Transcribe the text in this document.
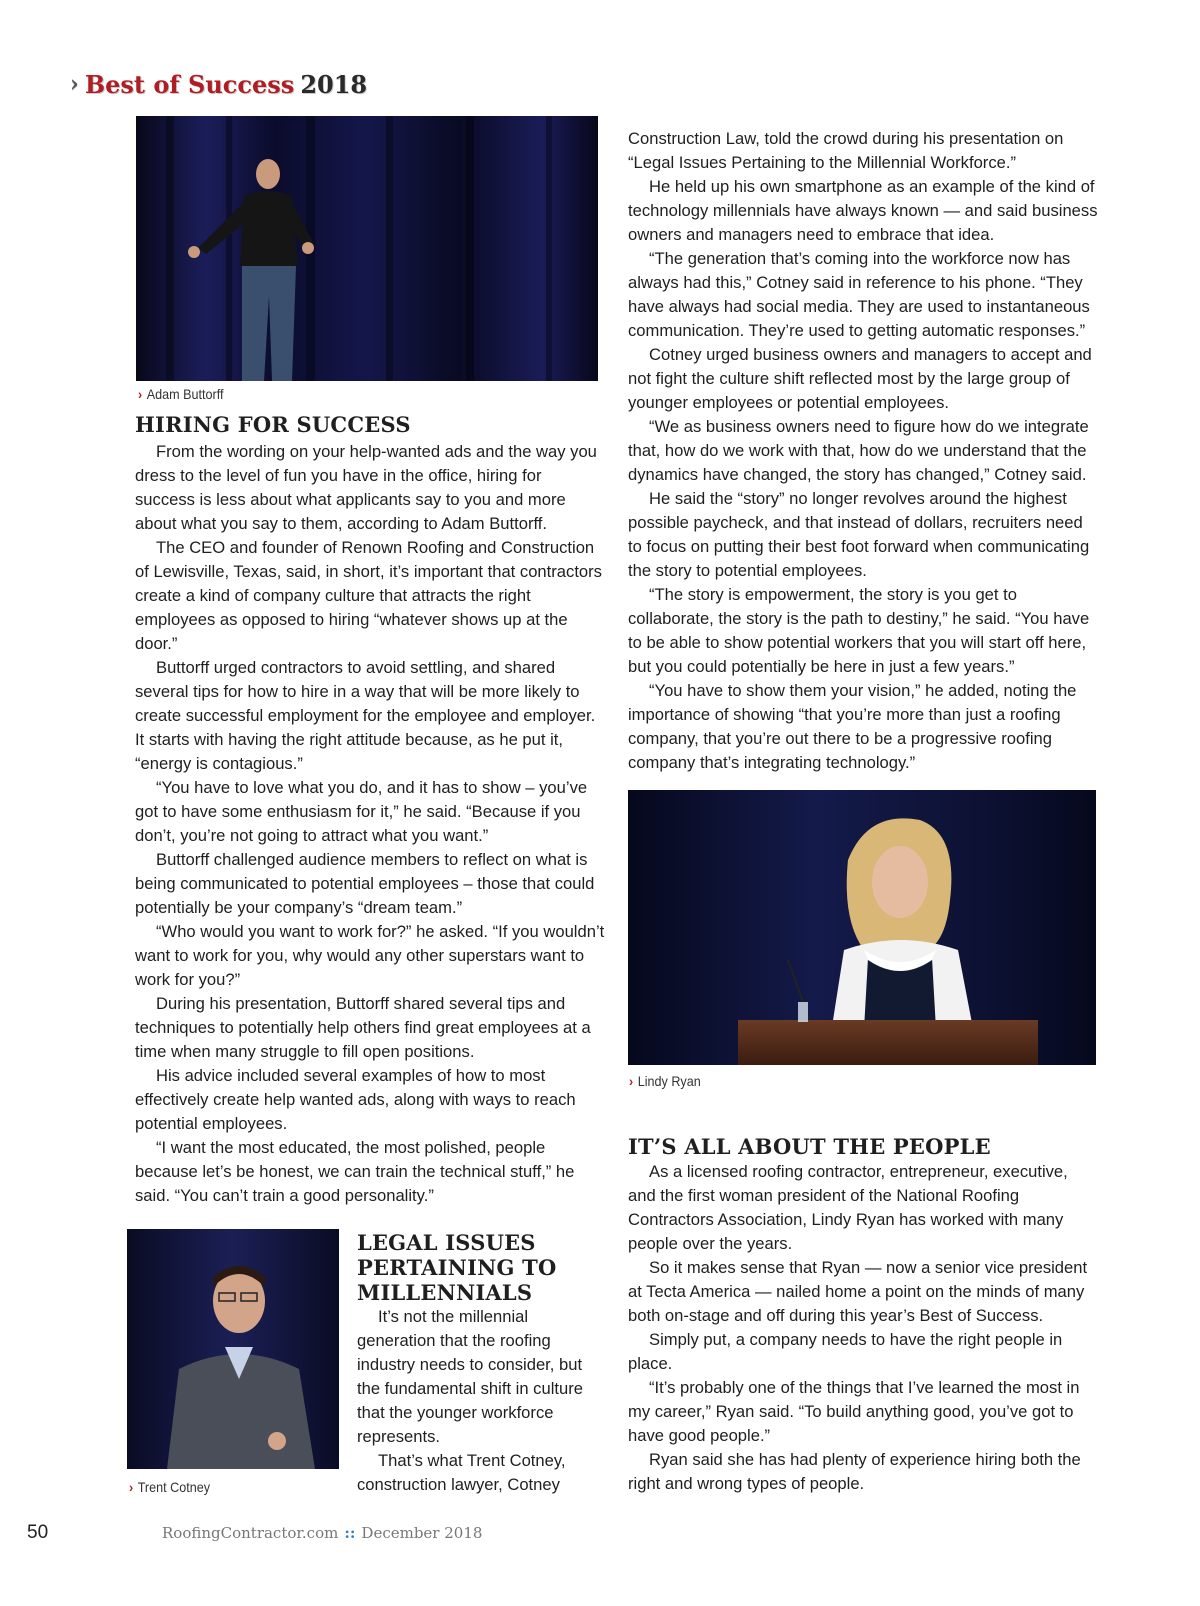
› Best of Success 2018
› Adam Buttorff
HIRING FOR SUCCESS

From the wording on your help-wanted ads and the way you dress to the level of fun you have in the office, hiring for success is less about what applicants say to you and more about what you say to them, according to Adam Buttorff.

The CEO and founder of Renown Roofing and Construction of Lewisville, Texas, said, in short, it’s important that contractors create a kind of company culture that attracts the right employees as opposed to hiring “whatever shows up at the door.”

Buttorff urged contractors to avoid settling, and shared several tips for how to hire in a way that will be more likely to create successful employment for the employee and employer. It starts with having the right attitude because, as he put it, “energy is contagious.”

“You have to love what you do, and it has to show – you’ve got to have some enthusiasm for it,” he said. “Because if you don’t, you’re not going to attract what you want.”

Buttorff challenged audience members to reflect on what is being communicated to potential employees – those that could potentially be your company’s “dream team.”

“Who would you want to work for?” he asked. “If you wouldn’t want to work for you, why would any other superstars want to work for you?”

During his presentation, Buttorff shared several tips and techniques to potentially help others find great employees at a time when many struggle to fill open positions.

His advice included several examples of how to most effectively create help wanted ads, along with ways to reach potential employees.

“I want the most educated, the most polished, people because let’s be honest, we can train the technical stuff,” he said. “You can’t train a good personality.”

› Trent Cotney
LEGAL ISSUES
PERTAINING TO
MILLENNIALS

It’s not the millennial generation that the roofing industry needs to consider, but the fundamental shift in culture that the younger workforce represents.

That’s what Trent Cotney, construction lawyer, Cotney

Construction Law, told the crowd during his presentation on “Legal Issues Pertaining to the Millennial Workforce.”

He held up his own smartphone as an example of the kind of technology millennials have always known — and said business owners and managers need to embrace that idea.

“The generation that’s coming into the workforce now has always had this,” Cotney said in reference to his phone. “They have always had social media. They are used to instantaneous communication. They’re used to getting automatic responses.”

Cotney urged business owners and managers to accept and not fight the culture shift reflected most by the large group of younger employees or potential employees.

“We as business owners need to figure how do we integrate that, how do we work with that, how do we understand that the dynamics have changed, the story has changed,” Cotney said.

He said the “story” no longer revolves around the highest possible paycheck, and that instead of dollars, recruiters need to focus on putting their best foot forward when communicating the story to potential employees.

“The story is empowerment, the story is you get to collaborate, the story is the path to destiny,” he said. “You have to be able to show potential workers that you will start off here, but you could potentially be here in just a few years.”

“You have to show them your vision,” he added, noting the importance of showing “that you’re more than just a roofing company, that you’re out there to be a progressive roofing company that’s integrating technology.”

› Lindy Ryan
IT’S ALL ABOUT THE PEOPLE

As a licensed roofing contractor, entrepreneur, executive, and the first woman president of the National Roofing Contractors Association, Lindy Ryan has worked with many people over the years.

So it makes sense that Ryan — now a senior vice president at Tecta America — nailed home a point on the minds of many both on-stage and off during this year’s Best of Success.

Simply put, a company needs to have the right people in place.

“It’s probably one of the things that I’ve learned the most in my career,” Ryan said. “To build anything good, you’ve got to have good people.”

Ryan said she has had plenty of experience hiring both the right and wrong types of people.

50	RoofingContractor.com :: December 2018
